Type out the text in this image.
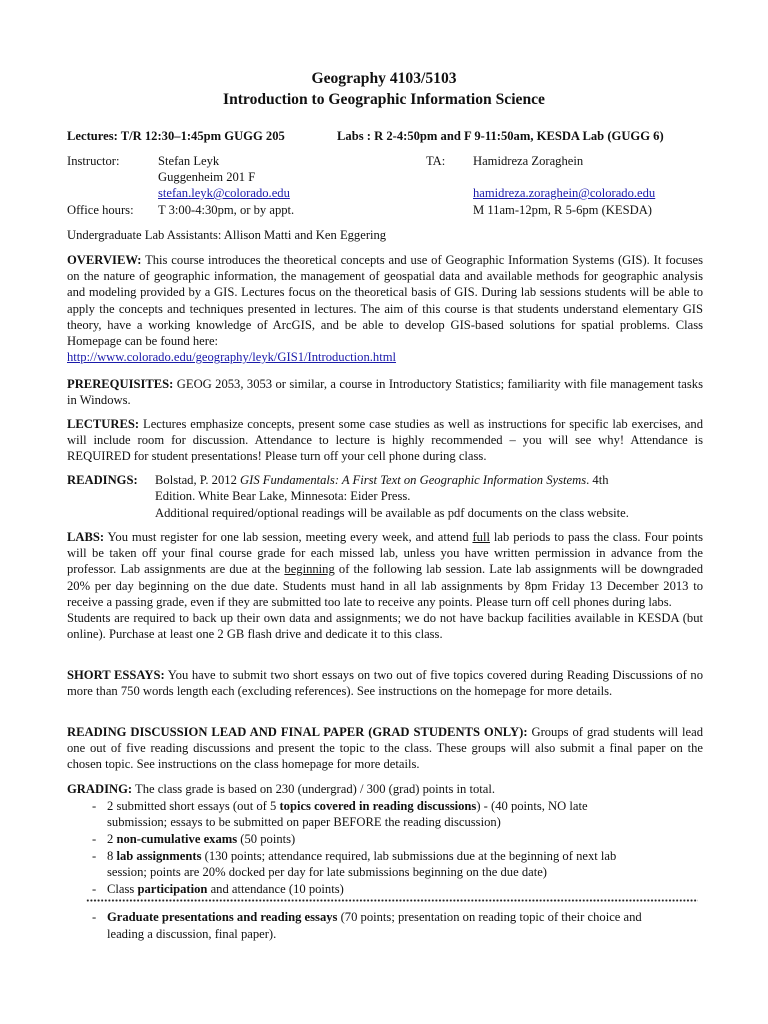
Geography 4103/5103
Introduction to Geographic Information Science
Lectures: T/R 12:30–1:45pm GUGG 205	Labs : R 2-4:50pm and F 9-11:50am, KESDA Lab (GUGG 6)
Instructor:	Stefan Leyk
Guggenheim 201 F
stefan.leyk@colorado.edu
Office hours: T 3:00-4:30pm, or by appt.
TA: Hamidreza Zoraghein
hamidreza.zoraghein@colorado.edu
M 11am-12pm, R 5-6pm (KESDA)
Undergraduate Lab Assistants: Allison Matti and Ken Eggering

OVERVIEW: This course introduces the theoretical concepts and use of Geographic Information Systems (GIS). It focuses on the nature of geographic information, the management of geospatial data and available methods for geographic analysis and modeling provided by a GIS. Lectures focus on the theoretical basis of GIS. During lab sessions students will be able to apply the concepts and techniques presented in lectures. The aim of this course is that students understand elementary GIS theory, have a working knowledge of ArcGIS, and be able to develop GIS-based solutions for spatial problems. Class Homepage can be found here:
http://www.colorado.edu/geography/leyk/GIS1/Introduction.html

PREREQUISITES: GEOG 2053, 3053 or similar, a course in Introductory Statistics; familiarity with file management tasks in Windows.

LECTURES: Lectures emphasize concepts, present some case studies as well as instructions for specific lab exercises, and will include room for discussion. Attendance to lecture is highly recommended – you will see why! Attendance is REQUIRED for student presentations! Please turn off your cell phone during class.

READINGS: Bolstad, P. 2012 GIS Fundamentals: A First Text on Geographic Information Systems. 4th
Edition. White Bear Lake, Minnesota: Eider Press.
Additional required/optional readings will be available as pdf documents on the class website.

LABS: You must register for one lab session, meeting every week, and attend full lab periods to pass the class. Four points will be taken off your final course grade for each missed lab, unless you have written permission in advance from the professor. Lab assignments are due at the beginning of the following lab session. Late lab assignments will be downgraded 20% per day beginning on the due date. Students must hand in all lab assignments by 8pm Friday 13 December 2013 to receive a passing grade, even if they are submitted too late to receive any points. Please turn off cell phones during labs.

Students are required to back up their own data and assignments; we do not have backup facilities available in KESDA (but online). Purchase at least one 2 GB flash drive and dedicate it to this class.

SHORT ESSAYS: You have to submit two short essays on two out of five topics covered during Reading Discussions of no more than 750 words length each (excluding references). See instructions on the homepage for more details.

READING DISCUSSION LEAD AND FINAL PAPER (GRAD STUDENTS ONLY): Groups of grad students will lead one out of five reading discussions and present the topic to the class. These groups will also submit a final paper on the chosen topic. See instructions on the class homepage for more details.

GRADING: The class grade is based on 230 (undergrad) / 300 (grad) points in total.
- 2 submitted short essays (out of 5 topics covered in reading discussions) - (40 points, NO late
submission; essays to be submitted on paper BEFORE the reading discussion)
- 2 non-cumulative exams (50 points)
- 8 lab assignments (130 points; attendance required, lab submissions due at the beginning of next lab
session; points are 20% docked per day for late submissions beginning on the due date)
- Class participation and attendance (10 points)
- Graduate presentations and reading essays (70 points; presentation on reading topic of their choice and
leading a discussion, final paper).
